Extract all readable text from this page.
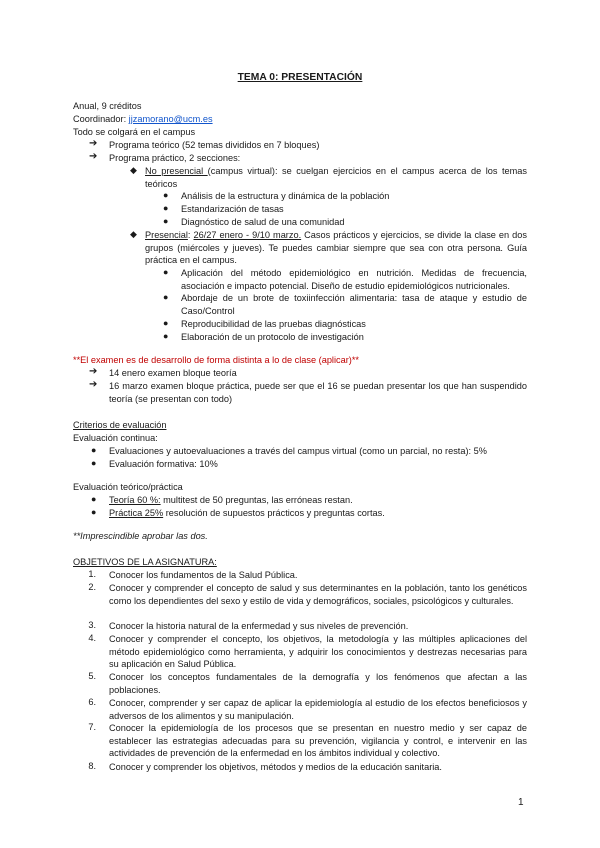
TEMA 0: PRESENTACIÓN
Anual, 9 créditos
Coordinador: jjzamorano@ucm.es
Todo se colgará en el campus
➔ Programa teórico (52 temas divididos en 7 bloques)
➔ Programa práctico, 2 secciones:
◆ No presencial (campus virtual): se cuelgan ejercicios en el campus acerca de los temas teóricos
● Análisis de la estructura y dinámica de la población
● Estandarización de tasas
● Diagnóstico de salud de una comunidad
◆ Presencial: 26/27 enero - 9/10 marzo. Casos prácticos y ejercicios, se divide la clase en dos grupos (miércoles y jueves). Te puedes cambiar siempre que sea con otra persona. Guía práctica en el campus.
● Aplicación del método epidemiológico en nutrición. Medidas de frecuencia, asociación e impacto potencial. Diseño de estudio epidemiológicos nutricionales.
● Abordaje de un brote de toxiinfección alimentaria: tasa de ataque y estudio de Caso/Control
● Reproducibilidad de las pruebas diagnósticas
● Elaboración de un protocolo de investigación
**El examen es de desarrollo de forma distinta a lo de clase (aplicar)**
➔ 14 enero examen bloque teoría
➔ 16 marzo examen bloque práctica, puede ser que el 16 se puedan presentar los que han suspendido teoría (se presentan con todo)
Criterios de evaluación
Evaluación continua:
● Evaluaciones y autoevaluaciones a través del campus virtual (como un parcial, no resta): 5%
● Evaluación formativa: 10%
Evaluación teórico/práctica
● Teoría 60 %: multitest de 50 preguntas, las erróneas restan.
● Práctica 25% resolución de supuestos prácticos y preguntas cortas.
**Imprescindible aprobar las dos.
OBJETIVOS DE LA ASIGNATURA:
1. Conocer los fundamentos de la Salud Pública.
2. Conocer y comprender el concepto de salud y sus determinantes en la población, tanto los genéticos como los dependientes del sexo y estilo de vida y demográficos, sociales, psicológicos y culturales.
3. Conocer la historia natural de la enfermedad y sus niveles de prevención.
4. Conocer y comprender el concepto, los objetivos, la metodología y las múltiples aplicaciones del método epidemiológico como herramienta, y adquirir los conocimientos y destrezas necesarias para su aplicación en Salud Pública.
5. Conocer los conceptos fundamentales de la demografía y los fenómenos que afectan a las poblaciones.
6. Conocer, comprender y ser capaz de aplicar la epidemiología al estudio de los efectos beneficiosos y adversos de los alimentos y su manipulación.
7. Conocer la epidemiología de los procesos que se presentan en nuestro medio y ser capaz de establecer las estrategias adecuadas para su prevención, vigilancia y control, e intervenir en las actividades de prevención de la enfermedad en los ámbitos individual y colectivo.
8. Conocer y comprender los objetivos, métodos y medios de la educación sanitaria.
1
